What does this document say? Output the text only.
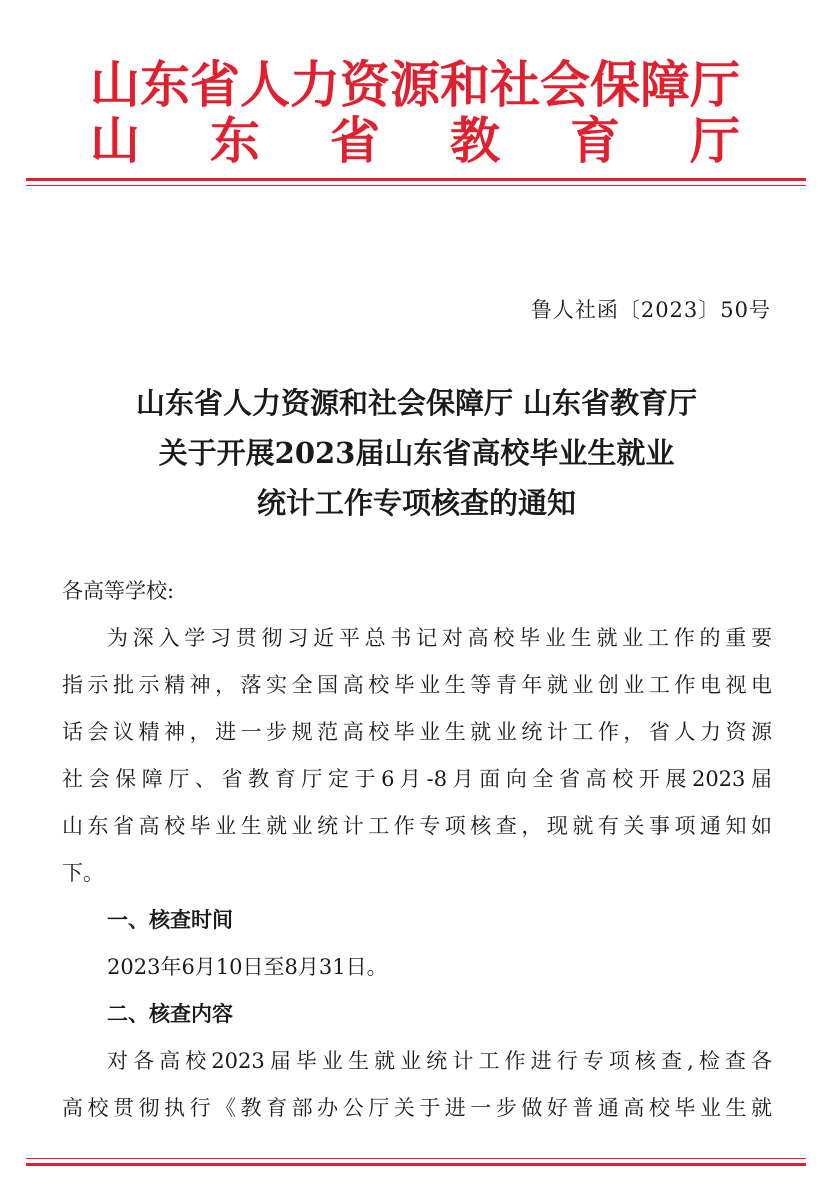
山东省人力资源和社会保障厅
山 东 省 教 育 厅

鲁人社函〔2023〕50号

山东省人力资源和社会保障厅 山东省教育厅
关于开展2023届山东省高校毕业生就业
统计工作专项核查的通知
各高等学校:

为深入学习贯彻习近平总书记对高校毕业生就业工作的重要
指示批示精神，落实全国高校毕业生等青年就业创业工作电视电
话会议精神，进一步规范高校毕业生就业统计工作，省人力资源
社会保障厅、省教育厅定于6月-8月面向全省高校开展2023届
山东省高校毕业生就业统计工作专项核查，现就有关事项通知如
下。

一、核查时间
2023年6月10日至8月31日。
二、核查内容

对各高校2023届毕业生就业统计工作进行专项核查,检查各
高校贯彻执行《教育部办公厅关于进一步做好普通高校毕业生就
